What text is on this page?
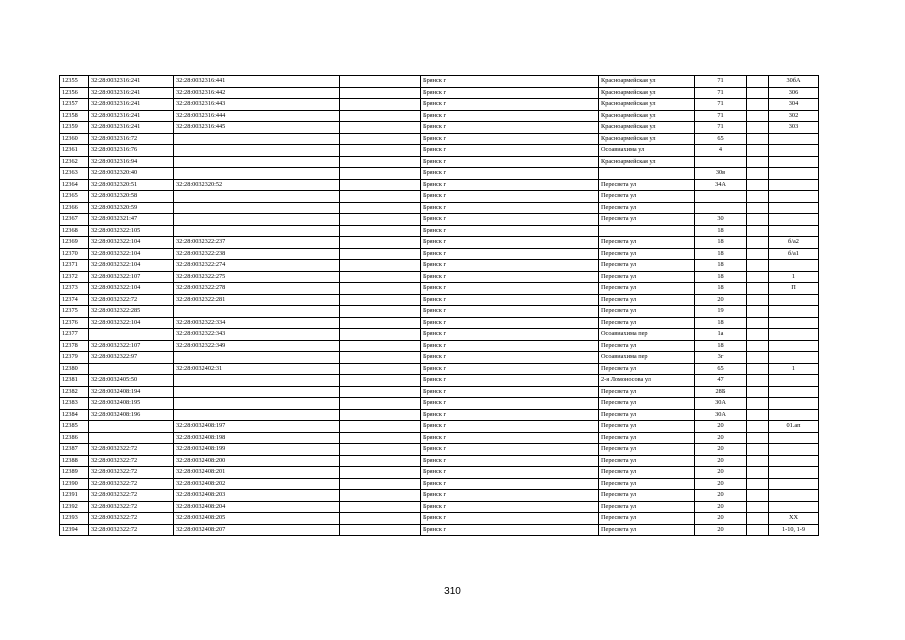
12355	32:28:0032316:241	32:28:0032316:441		Брянск г	Красноармейская ул	71		30бА
12356	32:28:0032316:241	32:28:0032316:442		Брянск г	Красноармейская ул	71		306
12357	32:28:0032316:241	32:28:0032316:443		Брянск г	Красноармейская ул	71		304
12358	32:28:0032316:241	32:28:0032316:444		Брянск г	Красноармейская ул	71		302
12359	32:28:0032316:241	32:28:0032316:445		Брянск г	Красноармейская ул	71		303
12360	32:28:0032316:72			Брянск г	Красноармейская ул	65		
12361	32:28:0032316:76			Брянск г	Осоавиахима ул	4		
12362	32:28:0032316:94			Брянск г	Красноармейская ул			
12363	32:28:0032320:40			Брянск г		30в		
12364	32:28:0032320:51	32:28:0032320:52		Брянск г	Пересвета ул	34А		
12365	32:28:0032320:58			Брянск г	Пересвета ул			
12366	32:28:0032320:59			Брянск г	Пересвета ул			
12367	32:28:0032321:47			Брянск г	Пересвета ул	30		
12368	32:28:0032322:105			Брянск г		18		
12369	32:28:0032322:104	32:28:0032322:237		Брянск г	Пересвета ул	18		б/а2
12370	32:28:0032322:104	32:28:0032322:238		Брянск г	Пересвета ул	18		б/а1
12371	32:28:0032322:104	32:28:0032322:274		Брянск г	Пересвета ул	18		
12372	32:28:0032322:107	32:28:0032322:275		Брянск г	Пересвета ул	18		1
12373	32:28:0032322:104	32:28:0032322:278		Брянск г	Пересвета ул	18		П
12374	32:28:0032322:72	32:28:0032322:281		Брянск г	Пересвета ул	20		
12375	32:28:0032322:285			Брянск г	Пересвета ул	19		
12376	32:28:0032322:104	32:28:0032322:334		Брянск г	Пересвета ул	18		
12377		32:28:0032322:343		Брянск г	Осоавиахима пер	1а		
12378	32:28:0032322:107	32:28:0032322:349		Брянск г	Пересвета ул	18		
12379	32:28:0032322:97			Брянск г	Осоавиахима пер	3г		
12380		32:28:0032402:31		Брянск г	Пересвета ул	65		1
12381	32:28:0032405:50			Брянск г	2-я Ломоносова ул	47		
12382	32:28:0032408:194			Брянск г	Пересвета ул	28Б		
12383	32:28:0032408:195			Брянск г	Пересвета ул	30А		
12384	32:28:0032408:196			Брянск г	Пересвета ул	30А		
12385		32:28:0032408:197		Брянск г	Пересвета ул	20		01.ап
12386		32:28:0032408:198		Брянск г	Пересвета ул	20		
12387	32:28:0032322:72	32:28:0032408:199		Брянск г	Пересвета ул	20		
12388	32:28:0032322:72	32:28:0032408:200		Брянск г	Пересвета ул	20		
12389	32:28:0032322:72	32:28:0032408:201		Брянск г	Пересвета ул	20		
12390	32:28:0032322:72	32:28:0032408:202		Брянск г	Пересвета ул	20		
12391	32:28:0032322:72	32:28:0032408:203		Брянск г	Пересвета ул	20		
12392	32:28:0032322:72	32:28:0032408:204		Брянск г	Пересвета ул	20		
12393	32:28:0032322:72	32:28:0032408:205		Брянск г	Пересвета ул	20		XX
12394	32:28:0032322:72	32:28:0032408:207		Брянск г	Пересвета ул	20		1-10, 1-9
310
